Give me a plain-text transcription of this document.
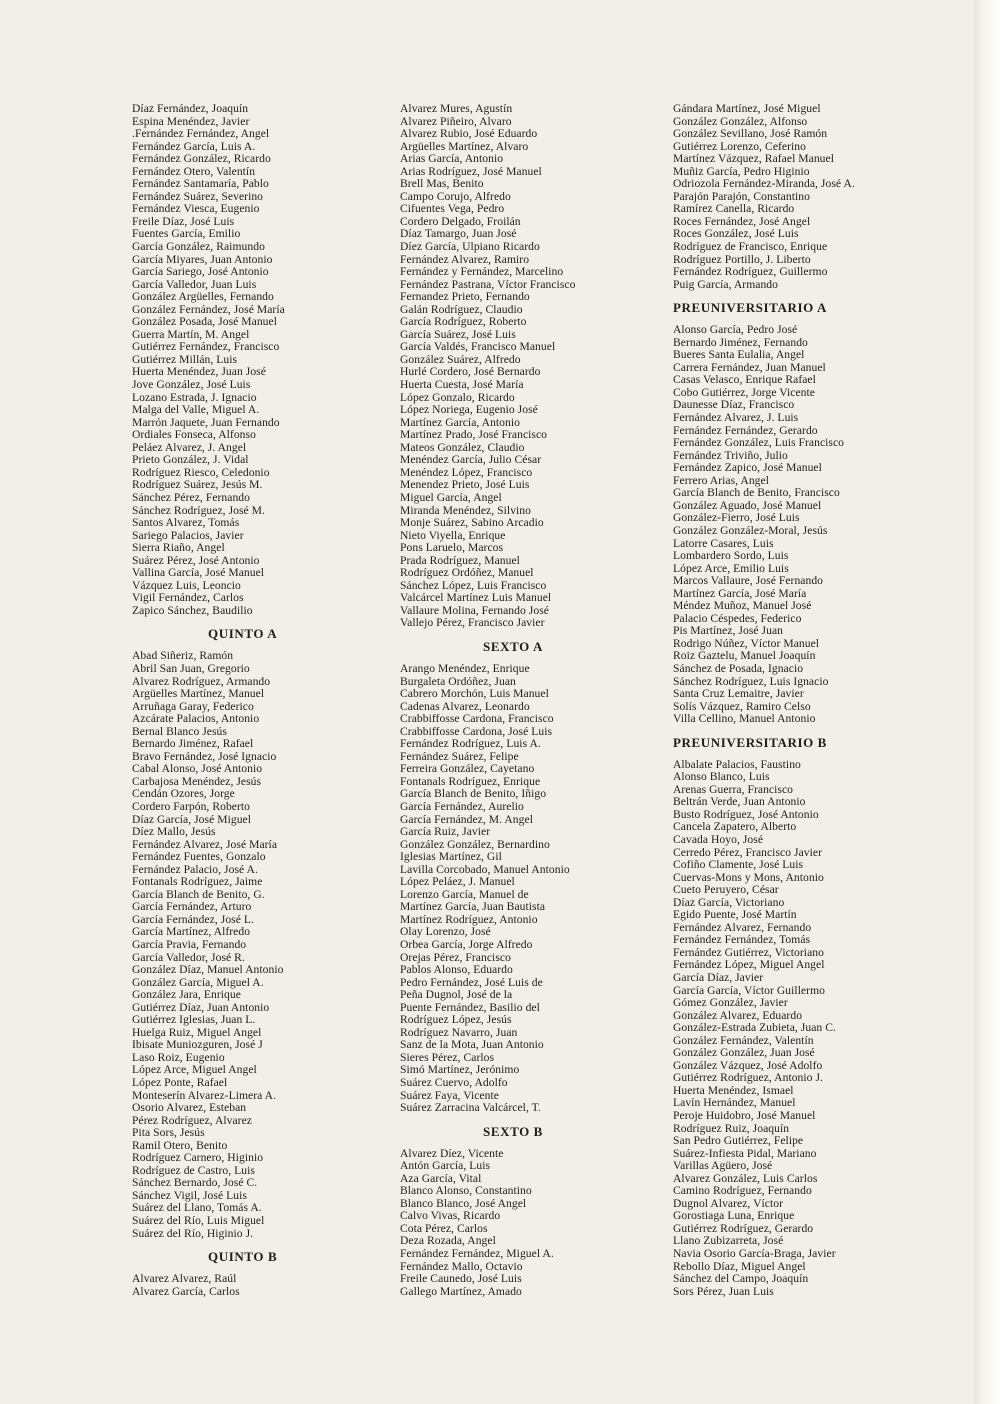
Díaz Fernández, Joaquín
Espina Menéndez, Javier
.Fernández Fernández, Angel
Fernández García, Luis A.
Fernández González, Ricardo
Fernández Otero, Valentín
Fernández Santamaría, Pablo
Fernández Suárez, Severino
Fernández Viesca, Eugenio
Freile Díaz, José Luis
Fuentes García, Emilio
García González, Raimundo
García Miyares, Juan Antonio
García Sariego, José Antonio
García Valledor, Juan Luis
González Argüelles, Fernando
González Fernández, José María
González Posada, José Manuel
Guerra Martín, M. Angel
Gutiérrez Fernández, Francisco
Gutiérrez Millán, Luis
Huerta Menéndez, Juan José
Jove González, José Luis
Lozano Estrada, J. Ignacio
Malga del Valle, Miguel A.
Marrón Jaquete, Juan Fernando
Ordiales Fonseca, Alfonso
Peláez Alvarez, J. Angel
Prieto González, J. Vidal
Rodríguez Riesco, Celedonio
Rodríguez Suárez, Jesús M.
Sánchez Pérez, Fernando
Sánchez Rodríguez, José M.
Santos Alvarez, Tomás
Sariego Palacios, Javier
Sierra Riaño, Angel
Suárez Pérez, José Antonio
Vallina García, José Manuel
Vázquez Luis, Leoncio
Vigil Fernández, Carlos
Zapico Sánchez, Baudilio
QUINTO A
Abad Siñeriz, Ramón
Abril San Juan, Gregorio
Alvarez Rodríguez, Armando
Argüelles Martínez, Manuel
Arruñaga Garay, Federico
Azcárate Palacios, Antonio
Bernal Blanco Jesús
Bernardo Jiménez, Rafael
Bravo Fernández, José Ignacio
Cabal Alonso, José Antonio
Carbajosa Menéndez, Jesús
Cendán Ozores, Jorge
Cordero Farpón, Roberto
Díaz García, José Miguel
Díez Mallo, Jesús
Fernández Alvarez, José María
Fernández Fuentes, Gonzalo
Fernández Palacio, José A.
Fontanals Rodríguez, Jaime
García Blanch de Benito, G.
García Fernández, Arturo
García Fernández, José L.
García Martínez, Alfredo
García Pravia, Fernando
García Valledor, José R.
González Díaz, Manuel Antonio
González García, Miguel A.
González Jara, Enrique
Gutiérrez Díaz, Juan Antonio
Gutiérrez Iglesias, Juan L.
Huelga Ruiz, Miguel Angel
Ibisate Muniozguren, José J
Laso Roiz, Eugenio
López Arce, Miguel Angel
López Ponte, Rafael
Monteserín Alvarez-Limera A.
Osorio Alvarez, Esteban
Pérez Rodríguez, Alvarez
Pita Sors, Jesús
Ramil Otero, Benito
Rodríguez Carnero, Higinio
Rodríguez de Castro, Luis
Sánchez Bernardo, José C.
Sánchez Vigil, José Luis
Suárez del Llano, Tomás A.
Suárez del Río, Luis Miguel
Suárez del Río, Higinio J.
QUINTO B
Alvarez Alvarez, Raúl
Alvarez García, Carlos
Alvarez Mures, Agustín
Alvarez Piñeiro, Alvaro
Alvarez Rubio, José Eduardo
Argüelles Martínez, Alvaro
Arias García, Antonio
Arias Rodríguez, José Manuel
Brell Mas, Benito
Campo Corujo, Alfredo
Cifuentes Vega, Pedro
Cordero Delgado, Froilán
Díaz Tamargo, Juan José
Díez García, Ulpiano Ricardo
Fernández Alvarez, Ramiro
Fernández y Fernández, Marcelino
Fernández Pastrana, Víctor Francisco
Fernandez Prieto, Fernando
Galán Rodríguez, Claudio
García Rodríguez, Roberto
García Suárez, José Luis
García Valdés, Francisco Manuel
González Suárez, Alfredo
Hurlé Cordero, José Bernardo
Huerta Cuesta, José María
López Gonzalo, Ricardo
López Noriega, Eugenio José
Martínez García, Antonio
Martínez Prado, José Francisco
Mateos González, Claudio
Menéndez García, Julio César
Menéndez López, Francisco
Menendez Prieto, José Luis
Miguel García, Angel
Miranda Menéndez, Silvino
Monje Suárez, Sabino Arcadio
Nieto Viyella, Enrique
Pons Laruelo, Marcos
Prada Rodríguez, Manuel
Rodríguez Ordóñez, Manuel
Sánchez López, Luis Francisco
Valcárcel Martínez Luis Manuel
Vallaure Molina, Fernando José
Vallejo Pérez, Francisco Javier
SEXTO A
Arango Menéndez, Enrique
Burgaleta Ordóñez, Juan
Cabrero Morchón, Luis Manuel
Cadenas Alvarez, Leonardo
Crabbiffosse Cardona, Francisco
Crabbiffosse Cardona, José Luis
Fernández Rodríguez, Luis A.
Fernández Suárez, Felipe
Ferreira González, Cayetano
Fontanals Rodríguez, Enrique
García Blanch de Benito, Iñigo
García Fernández, Aurelio
García Fernández, M. Angel
García Ruiz, Javier
González González, Bernardino
Iglesias Martínez, Gil
Lavilla Corcobado, Manuel Antonio
López Peláez, J. Manuel
Lorenzo García, Manuel de
Martínez García, Juan Bautista
Martínez Rodríguez, Antonio
Olay Lorenzo, José
Orbea García, Jorge Alfredo
Orejas Pérez, Francisco
Pablos Alonso, Eduardo
Pedro Fernández, José Luis de
Peña Dugnol, José de la
Puente Fernández, Basilio del
Rodríguez López, Jesús
Rodríguez Navarro, Juan
Sanz de la Mota, Juan Antonio
Sieres Pérez, Carlos
Simó Martínez, Jerónimo
Suárez Cuervo, Adolfo
Suárez Faya, Vicente
Suárez Zarracina Valcárcel, T.
SEXTO B
Alvarez Díez, Vicente
Antón García, Luis
Aza García, Vital
Blanco Alonso, Constantino
Blanco Blanco, José Angel
Calvo Vivas, Ricardo
Cota Pérez, Carlos
Deza Rozada, Angel
Fernández Fernández, Miguel A.
Fernández Mallo, Octavio
Freile Caunedo, José Luis
Gallego Martínez, Amado
Gándara Martínez, José Miguel
González González, Alfonso
González Sevillano, José Ramón
Gutiérrez Lorenzo, Ceferino
Martínez Vázquez, Rafael Manuel
Muñiz García, Pedro Higinio
Odriozola Fernández-Miranda, José A.
Parajón Parajón, Constantino
Ramírez Canella, Ricardo
Roces Fernández, José Angel
Roces González, José Luis
Rodríguez de Francisco, Enrique
Rodríguez Portillo, J. Liberto
Fernández Rodríguez, Guillermo
Puig García, Armando
PREUNIVERSITARIO A
Alonso García, Pedro José
Bernardo Jiménez, Fernando
Bueres Santa Eulalia, Angel
Carrera Fernández, Juan Manuel
Casas Velasco, Enrique Rafael
Cobo Gutiérrez, Jorge Vicente
Daunesse Díaz, Francisco
Fernández Alvarez, J. Luis
Fernández Fernández, Gerardo
Fernández González, Luis Francisco
Fernández Triviño, Julio
Fernández Zapico, José Manuel
Ferrero Arias, Angel
García Blanch de Benito, Francisco
González Aguado, José Manuel
González-Fierro, José Luis
González González-Moral, Jesús
Latorre Casares, Luis
Lombardero Sordo, Luis
López Arce, Emilio Luis
Marcos Vallaure, José Fernando
Martínez García, José María
Méndez Muñoz, Manuel José
Palacio Céspedes, Federico
Pis Martínez, José Juan
Rodrigo Núñez, Víctor Manuel
Roiz Gaztelu, Manuel Joaquín
Sánchez de Posada, Ignacio
Sánchez Rodríguez, Luis Ignacio
Santa Cruz Lemaitre, Javier
Solís Vázquez, Ramiro Celso
Villa Cellino, Manuel Antonio
PREUNIVERSITARIO B
Albalate Palacios, Faustino
Alonso Blanco, Luis
Arenas Guerra, Francisco
Beltrán Verde, Juan Antonio
Busto Rodríguez, José Antonio
Cancela Zapatero, Alberto
Cavada Hoyo, José
Cerredo Pérez, Francisco Javier
Cofiño Clamente, José Luis
Cuervas-Mons y Mons, Antonio
Cueto Peruyero, César
Díaz García, Victoriano
Egido Puente, José Martín
Fernández Alvarez, Fernando
Fernández Fernández, Tomás
Fernández Gutiérrez, Victoriano
Fernández López, Miguel Angel
García Díaz, Javier
García García, Víctor Guillermo
Gómez González, Javier
González Alvarez, Eduardo
González-Estrada Zubieta, Juan C.
González Fernández, Valentín
González González, Juan José
González Vázquez, José Adolfo
Gutiérrez Rodríguez, Antonio J.
Huerta Menéndez, Ismael
Lavín Hernández, Manuel
Peroje Huidobro, José Manuel
Rodríguez Ruiz, Joaquín
San Pedro Gutiérrez, Felipe
Suárez-Infiesta Pidal, Mariano
Varillas Agüero, José
Alvarez González, Luis Carlos
Camino Rodríguez, Fernando
Dugnol Alvarez, Víctor
Gorostiaga Luna, Enrique
Gutiérrez Rodríguez, Gerardo
Llano Zubizarreta, José
Navia Osorio García-Braga, Javier
Rebollo Díaz, Miguel Angel
Sánchez del Campo, Joaquín
Sors Pérez, Juan Luis
